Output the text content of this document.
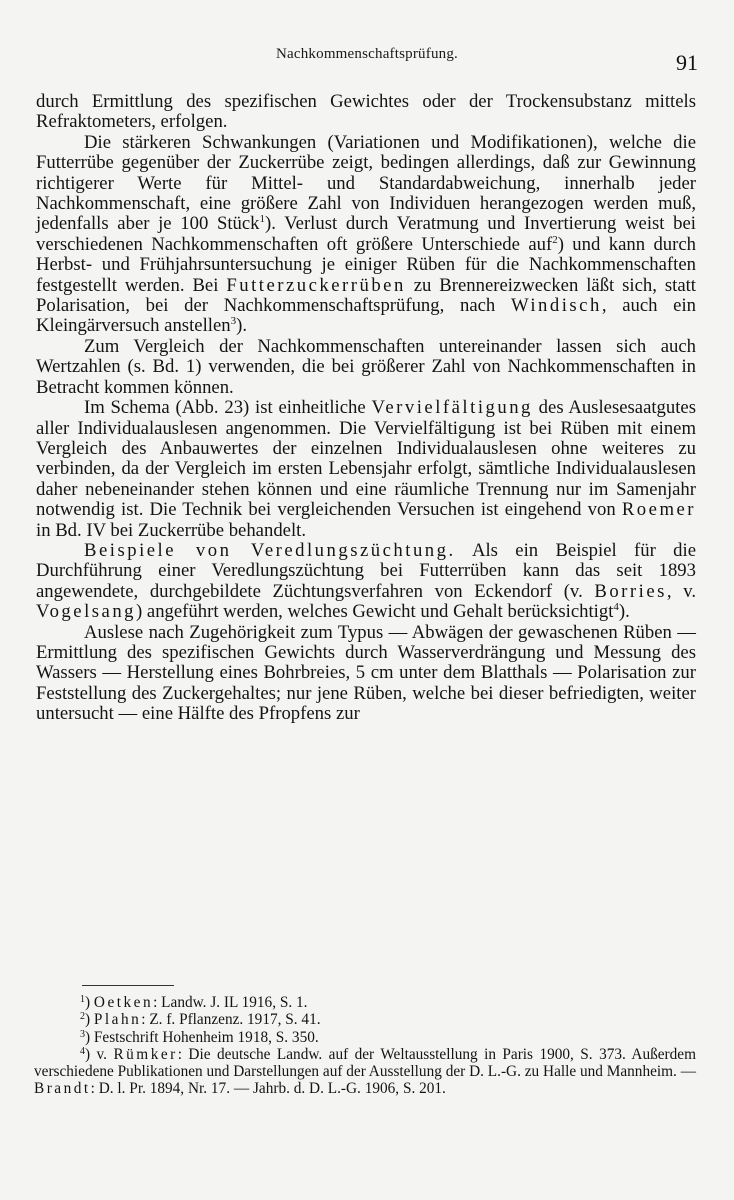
Nachkommenschaftsprüfung.	91

durch Ermittlung des spezifischen Gewichtes oder der Trockensubstanz mittels Refraktometers, erfolgen.

Die stärkeren Schwankungen (Variationen und Modifikationen), welche die Futterrübe gegenüber der Zuckerrübe zeigt, bedingen allerdings, daß zur Gewinnung richtigerer Werte für Mittel- und Standardabweichung, innerhalb jeder Nachkommenschaft, eine größere Zahl von Individuen herangezogen werden muß, jedenfalls aber je 100 Stück$^1$). Verlust durch Veratmung und Invertierung weist bei verschiedenen Nachkommenschaften oft größere Unterschiede auf$^2$) und kann durch Herbst- und Frühjahrsuntersuchung je einiger Rüben für die Nachkommenschaften festgestellt werden. Bei Futterzuckerrüben zu Brennereizwecken läßt sich, statt Polarisation, bei der Nachkommenschaftsprüfung, nach Windisch, auch ein Kleingärversuch anstellen$^3$).

Zum Vergleich der Nachkommenschaften untereinander lassen sich auch Wertzahlen (s. Bd. 1) verwenden, die bei größerer Zahl von Nachkommenschaften in Betracht kommen können.

Im Schema (Abb. 23) ist einheitliche Vervielfältigung des Auslesesaatgutes aller Individualauslesen angenommen. Die Vervielfältigung ist bei Rüben mit einem Vergleich des Anbauwertes der einzelnen Individualauslesen ohne weiteres zu verbinden, da der Vergleich im ersten Lebensjahr erfolgt, sämtliche Individualauslesen daher nebeneinander stehen können und eine räumliche Trennung nur im Samenjahr notwendig ist. Die Technik bei vergleichenden Versuchen ist eingehend von Roemer in Bd. IV bei Zuckerrübe behandelt.

Beispiele von Veredlungszüchtung. Als ein Beispiel für die Durchführung einer Veredlungszüchtung bei Futterrüben kann das seit 1893 angewendete, durchgebildete Züchtungsverfahren von Eckendorf (v. Borries, v. Vogelsang) angeführt werden, welches Gewicht und Gehalt berücksichtigt$^4$).

Auslese nach Zugehörigkeit zum Typus — Abwägen der gewaschenen Rüben — Ermittlung des spezifischen Gewichts durch Wasserverdrängung und Messung des Wassers — Herstellung eines Bohrbreies, 5 cm unter dem Blatthals — Polarisation zur Feststellung des Zuckergehaltes; nur jene Rüben, welche bei dieser befriedigten, weiter untersucht — eine Hälfte des Pfropfens zur

$^1$) Oetken: Landw. J. IL 1916, S. 1.

$^2$) Plahn: Z. f. Pflanzenz. 1917, S. 41.

$^3$) Festschrift Hohenheim 1918, S. 350.

$^4$) v. Rümker: Die deutsche Landw. auf der Weltausstellung in Paris 1900, S. 373. Außerdem verschiedene Publikationen und Darstellungen auf der Ausstellung der D. L.-G. zu Halle und Mannheim. — Brandt: D. l. Pr. 1894, Nr. 17. — Jahrb. d. D. L.-G. 1906, S. 201.
